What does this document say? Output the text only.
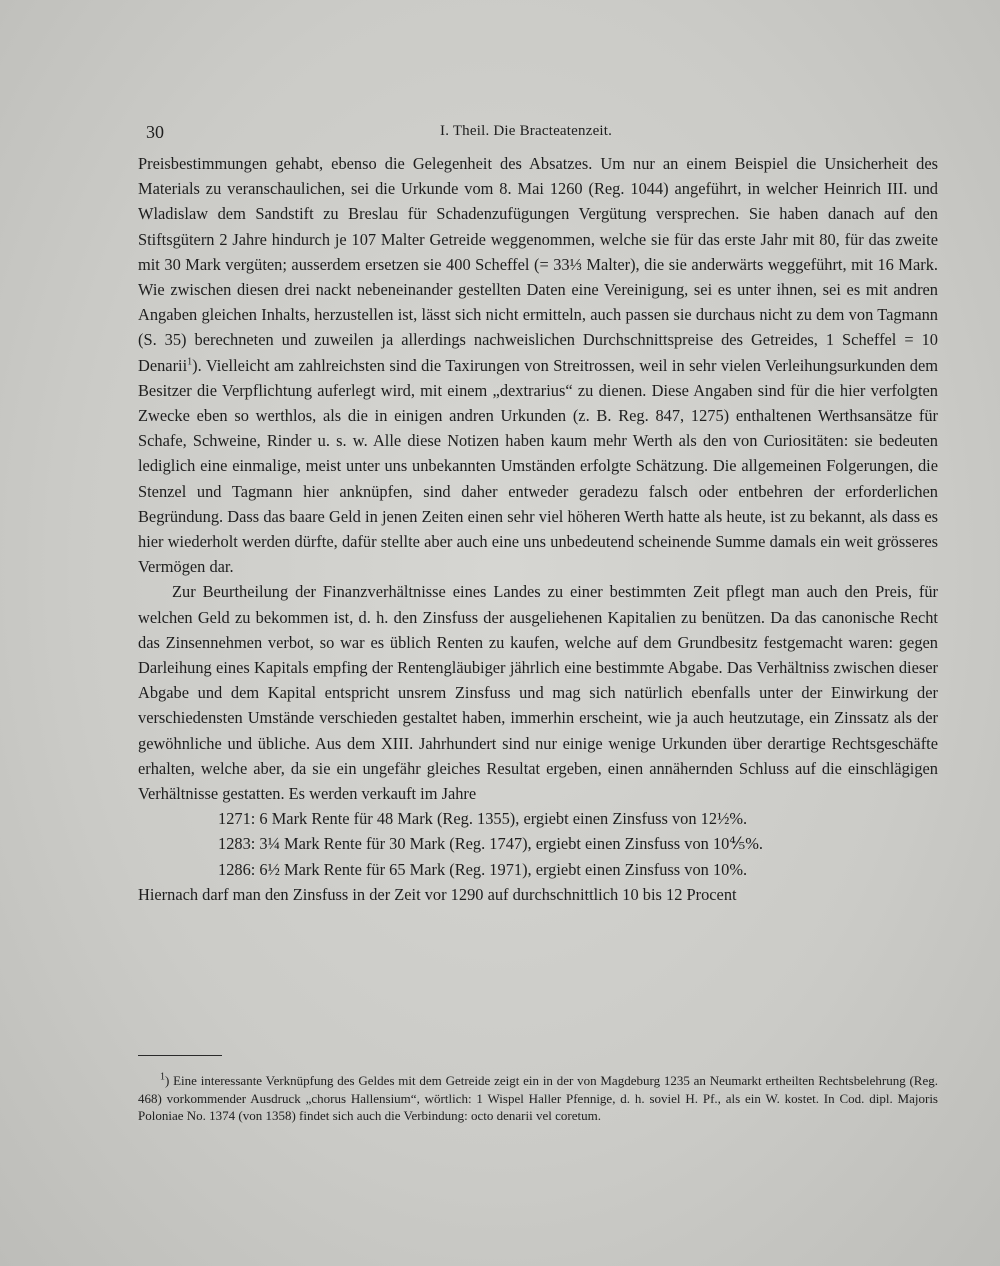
30	I. Theil. Die Bracteatenzeit.

Preisbestimmungen gehabt, ebenso die Gelegenheit des Absatzes. Um nur an einem Beispiel die Unsicherheit des Materials zu veranschaulichen, sei die Urkunde vom 8. Mai 1260 (Reg. 1044) angeführt, in welcher Heinrich III. und Wladislaw dem Sandstift zu Breslau für Schadenzufügungen Vergütung versprechen. Sie haben danach auf den Stiftsgütern 2 Jahre hindurch je 107 Malter Getreide weggenommen, welche sie für das erste Jahr mit 80, für das zweite mit 30 Mark vergüten; ausserdem ersetzen sie 400 Scheffel (= 33⅓ Malter), die sie anderwärts weggeführt, mit 16 Mark. Wie zwischen diesen drei nackt nebeneinander gestellten Daten eine Vereinigung, sei es unter ihnen, sei es mit andren Angaben gleichen Inhalts, herzustellen ist, lässt sich nicht ermitteln, auch passen sie durchaus nicht zu dem von Tagmann (S. 35) berechneten und zuweilen ja allerdings nachweislichen Durchschnittspreise des Getreides, 1 Scheffel = 10 Denarii$^1$). Vielleicht am zahlreichsten sind die Taxirungen von Streitrossen, weil in sehr vielen Verleihungsurkunden dem Besitzer die Verpflichtung auferlegt wird, mit einem „dextrarius“ zu dienen. Diese Angaben sind für die hier verfolgten Zwecke eben so werthlos, als die in einigen andren Urkunden (z. B. Reg. 847, 1275) enthaltenen Werthsansätze für Schafe, Schweine, Rinder u. s. w. Alle diese Notizen haben kaum mehr Werth als den von Curiositäten: sie bedeuten lediglich eine einmalige, meist unter uns unbekannten Umständen erfolgte Schätzung. Die allgemeinen Folgerungen, die Stenzel und Tagmann hier anknüpfen, sind daher entweder geradezu falsch oder entbehren der erforderlichen Begründung. Dass das baare Geld in jenen Zeiten einen sehr viel höheren Werth hatte als heute, ist zu bekannt, als dass es hier wiederholt werden dürfte, dafür stellte aber auch eine uns unbedeutend scheinende Summe damals ein weit grösseres Vermögen dar.

Zur Beurtheilung der Finanzverhältnisse eines Landes zu einer bestimmten Zeit pflegt man auch den Preis, für welchen Geld zu bekommen ist, d. h. den Zinsfuss der ausgeliehenen Kapitalien zu benützen. Da das canonische Recht das Zinsennehmen verbot, so war es üblich Renten zu kaufen, welche auf dem Grundbesitz festgemacht waren: gegen Darleihung eines Kapitals empfing der Rentengläubiger jährlich eine bestimmte Abgabe. Das Verhältniss zwischen dieser Abgabe und dem Kapital entspricht unsrem Zinsfuss und mag sich natürlich ebenfalls unter der Einwirkung der verschiedensten Umstände verschieden gestaltet haben, immerhin erscheint, wie ja auch heutzutage, ein Zinssatz als der gewöhnliche und übliche. Aus dem XIII. Jahrhundert sind nur einige wenige Urkunden über derartige Rechtsgeschäfte erhalten, welche aber, da sie ein ungefähr gleiches Resultat ergeben, einen annähernden Schluss auf die einschlägigen Verhältnisse gestatten. Es werden verkauft im Jahre

1271: 6 Mark Rente für 48 Mark (Reg. 1355), ergiebt einen Zinsfuss von 12½%.
1283: 3¼ Mark Rente für 30 Mark (Reg. 1747), ergiebt einen Zinsfuss von 10⅘%.
1286: 6½ Mark Rente für 65 Mark (Reg. 1971), ergiebt einen Zinsfuss von 10%.

Hiernach darf man den Zinsfuss in der Zeit vor 1290 auf durchschnittlich 10 bis 12 Procent

$^1$) Eine interessante Verknüpfung des Geldes mit dem Getreide zeigt ein in der von Magdeburg 1235 an Neumarkt ertheilten Rechtsbelehrung (Reg. 468) vorkommender Ausdruck „chorus Hallensium“, wörtlich: 1 Wispel Haller Pfennige, d. h. soviel H. Pf., als ein W. kostet. In Cod. dipl. Majoris Poloniae No. 1374 (von 1358) findet sich auch die Verbindung: octo denarii vel coretum.
